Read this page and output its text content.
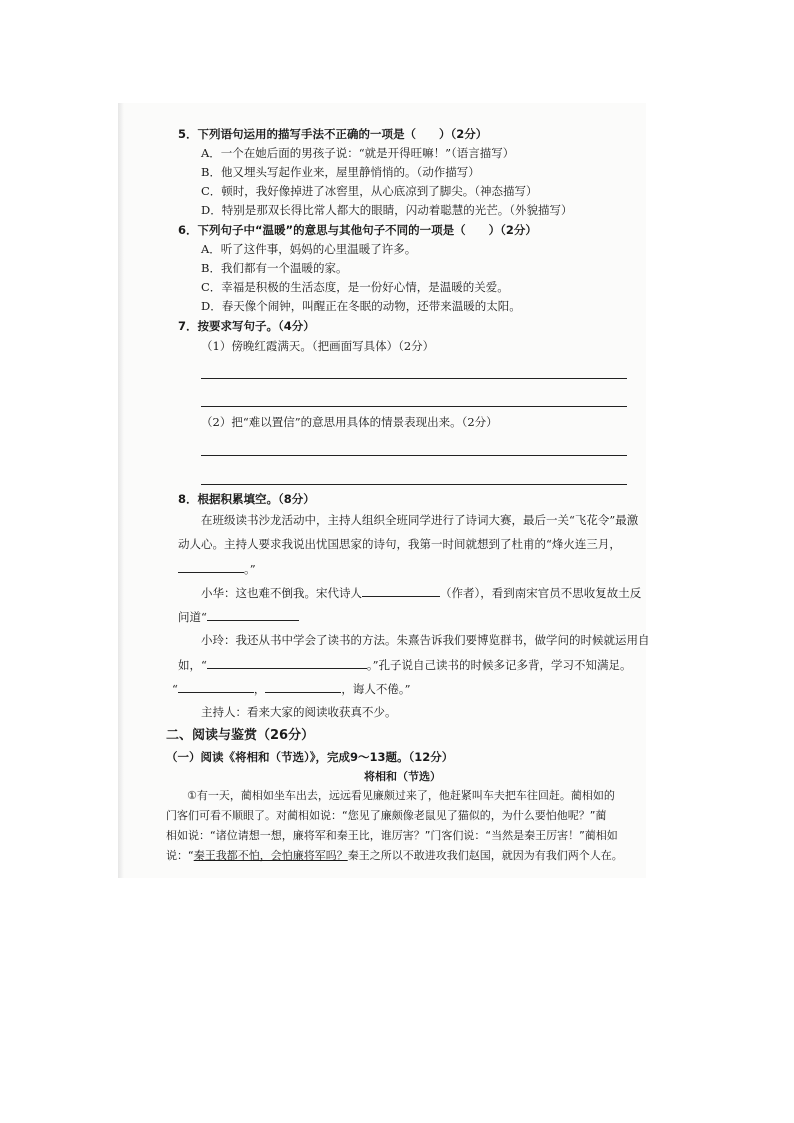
5．下列语句运用的描写手法不正确的一项是（　　）（2分）
A．一个在她后面的男孩子说：“就是开得旺嘛！”（语言描写）
B．他又埋头写起作业来，屋里静悄悄的。（动作描写）
C．顿时，我好像掉进了冰窖里，从心底凉到了脚尖。（神态描写）
D．特别是那双长得比常人都大的眼睛，闪动着聪慧的光芒。（外貌描写）
6．下列句子中“温暖”的意思与其他句子不同的一项是（　　）（2分）
A．听了这件事，妈妈的心里温暖了许多。
B．我们都有一个温暖的家。
C．幸福是积极的生活态度，是一份好心情，是温暖的关爱。
D．春天像个闹钟，叫醒正在冬眠的动物，还带来温暖的太阳。
7．按要求写句子。（4分）
（1）傍晚红霞满天。（把画面写具体）（2分）
（2）把“难以置信”的意思用具体的情景表现出来。（2分）
8．根据积累填空。（8分）
在班级读书沙龙活动中，主持人组织全班同学进行了诗词大赛，最后一关“飞花令”最激
动人心。主持人要求我说出忧国思家的诗句，我第一时间就想到了杜甫的“烽火连三月，
。”
小华：这也难不倒我。宋代诗人	（作者），看到南宋官员不思收复故土反
问道“
小玲：我还从书中学会了读书的方法。朱熹告诉我们要博览群书，做学问的时候就运用自
如，“	。”孔子说自己读书的时候多记多背，学习不知满足。
“	，	，诲人不倦。”
主持人：看来大家的阅读收获真不少。
二、阅读与鉴赏（26分）
（一）阅读《将相和（节选）》，完成9～13题。（12分）
将相和（节选）
①有一天，蔺相如坐车出去，远远看见廉颇过来了，他赶紧叫车夫把车往回赶。蔺相如的
门客们可看不顺眼了。对蔺相如说：“您见了廉颇像老鼠见了猫似的，为什么要怕他呢？”蔺
相如说：“诸位请想一想，廉将军和秦王比，谁厉害？”门客们说：“当然是秦王厉害！”蔺相如
说：“秦王我都不怕，会怕廉将军吗？秦王之所以不敢进攻我们赵国，就因为有我们两个人在。
